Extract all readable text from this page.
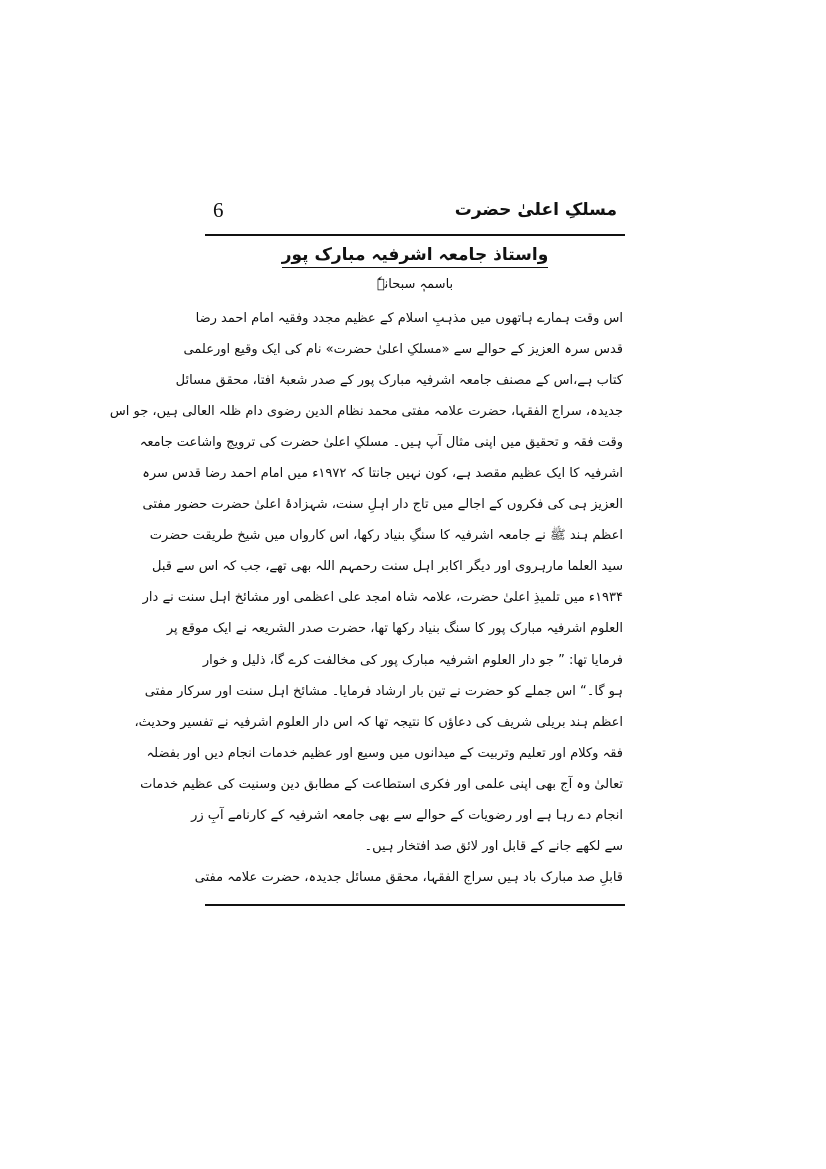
مسلکِ اعلیٰ حضرت
6
واستاذ جامعہ اشرفیہ مبارک پور
باسمہٖ سبحانہٗ
اس وقت ہمارے ہاتھوں میں مذہبِ اسلام کے عظیم مجدد وفقیہ امام احمد رضا
قدس سرہ العزیز کے حوالے سے «مسلکِ اعلیٰ حضرت» نام کی ایک وقیع اورعلمی
کتاب ہے،اس کے مصنف جامعہ اشرفیہ مبارک پور کے صدر شعبۂ افتا، محقق مسائل
جدیدہ، سراج الفقہا، حضرت علامہ مفتی محمد نظام الدین رضوی دام ظلہ العالی ہیں، جو اس
وقت فقہ و تحقیق میں اپنی مثال آپ ہیں۔ مسلکِ اعلیٰ حضرت کی ترویج واشاعت جامعہ
اشرفیہ کا ایک عظیم مقصد ہے، کون نہیں جانتا کہ ۱۹۷۲ء میں امام احمد رضا قدس سرہ
العزیز ہی کی فکروں کے اجالے میں تاج دار اہلِ سنت، شہزادۂ اعلیٰ حضرت حضور مفتی
اعظم ہند ﷺ نے جامعہ اشرفیہ کا سنگِ بنیاد رکھا، اس کارواں میں شیخ طریقت حضرت
سید العلما مارہروی اور دیگر اکابر اہل سنت رحمہم اللہ بھی تھے، جب کہ اس سے قبل
۱۹۳۴ء میں تلمیذِ اعلیٰ حضرت، علامہ شاہ امجد علی اعظمی اور مشائخ اہل سنت نے دار
العلوم اشرفیہ مبارک پور کا سنگ بنیاد رکھا تھا، حضرت صدر الشریعہ نے ایک موقع پر
فرمایا تھا: ” جو دار العلوم اشرفیہ مبارک پور کی مخالفت کرے گا، ذلیل و خوار
ہو گا۔“ اس جملے کو حضرت نے تین بار ارشاد فرمایا۔ مشائخ اہل سنت اور سرکار مفتی
اعظم ہند بریلی شریف کی دعاؤں کا نتیجہ تھا کہ اس دار العلوم اشرفیہ نے تفسیر وحدیث،
فقہ وکلام اور تعلیم وتربیت کے میدانوں میں وسیع اور عظیم خدمات انجام دیں اور بفضلہ
تعالیٰ وہ آج بھی اپنی علمی اور فکری استطاعت کے مطابق دین وسنیت کی عظیم خدمات
انجام دے رہا ہے اور رضویات کے حوالے سے بھی جامعہ اشرفیہ کے کارنامے آبِ زر
سے لکھے جانے کے قابل اور لائق صد افتخار ہیں۔
قابلِ صد مبارک باد ہیں سراج الفقہا، محقق مسائل جدیدہ، حضرت علامہ مفتی
